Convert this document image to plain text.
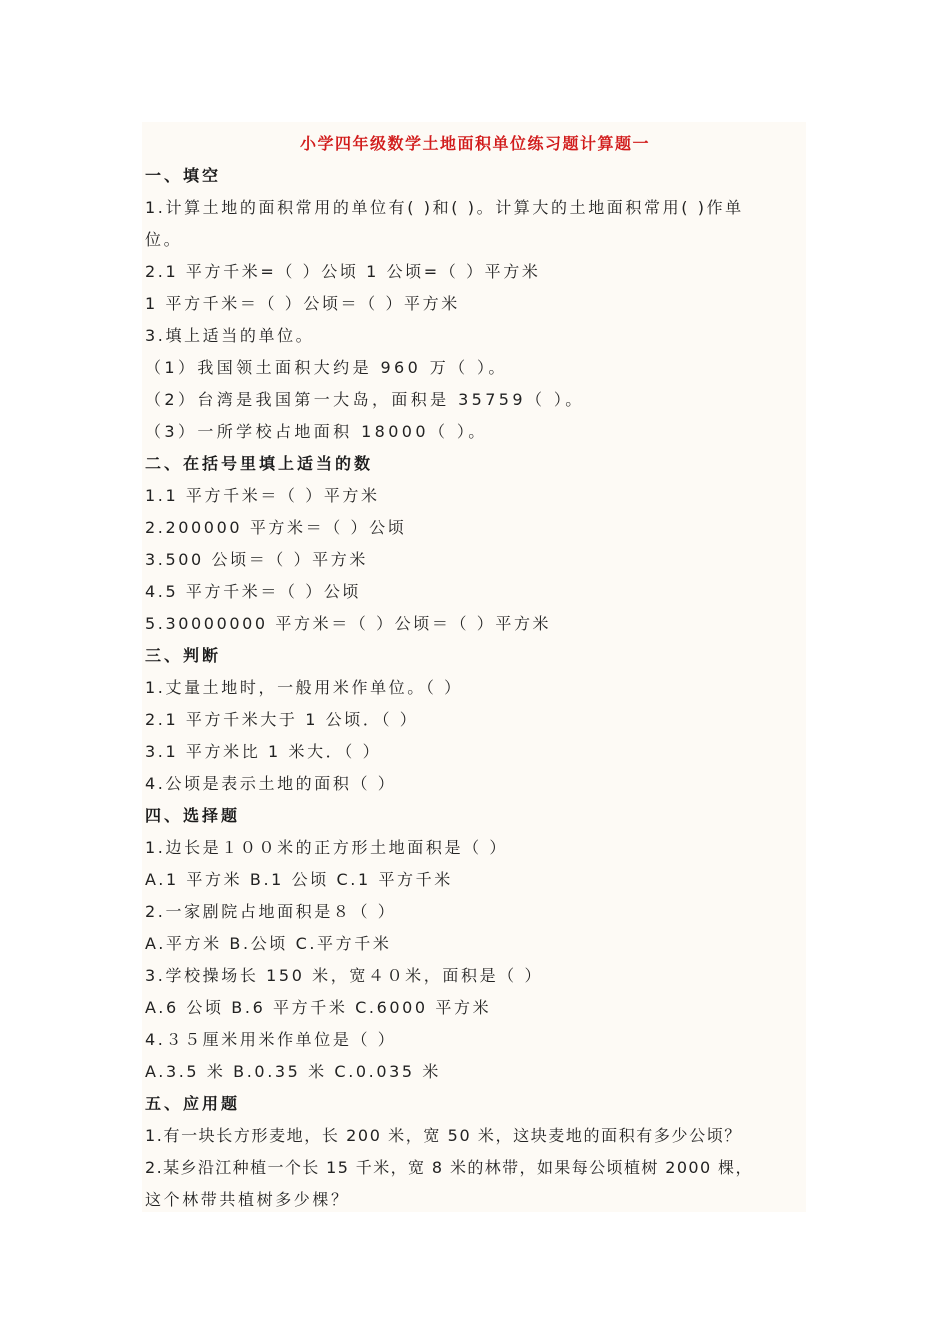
小学四年级数学土地面积单位练习题计算题一
一、填空
1.计算土地的面积常用的单位有( )和( )。计算大的土地面积常用( )作单
位。
2.1 平方千米=（ ）公顷 1 公顷=（ ）平方米
1 平方千米＝（ ）公顷＝（ ）平方米
3.填上适当的单位。
（1）我国领土面积大约是 960 万（ ）。
（2）台湾是我国第一大岛，面积是 35759（ ）。
（3）一所学校占地面积 18000（ ）。
二、在括号里填上适当的数
1.1 平方千米＝（ ）平方米
2.200000 平方米＝（ ）公顷
3.500 公顷＝（ ）平方米
4.5 平方千米＝（ ）公顷
5.30000000 平方米＝（ ）公顷＝（ ）平方米
三、判断
1.丈量土地时，一般用米作单位。（ ）
2.1 平方千米大于 1 公顷．（ ）
3.1 平方米比 1 米大．（ ）
4.公顷是表示土地的面积（ ）
四、选择题
1.边长是１００米的正方形土地面积是（ ）
A.1 平方米 B.1 公顷 C.1 平方千米
2.一家剧院占地面积是８（ ）
A.平方米 B.公顷 C.平方千米
3.学校操场长 150 米，宽４０米，面积是（ ）
A.6 公顷 B.6 平方千米 C.6000 平方米
4.３５厘米用米作单位是（ ）
A.3.5 米 B.0.35 米 C.0.035 米
五、应用题
1.有一块长方形麦地，长 200 米，宽 50 米，这块麦地的面积有多少公顷？
2.某乡沿江种植一个长 15 千米，宽 8 米的林带，如果每公顷植树 2000 棵，
这个林带共植树多少棵？
